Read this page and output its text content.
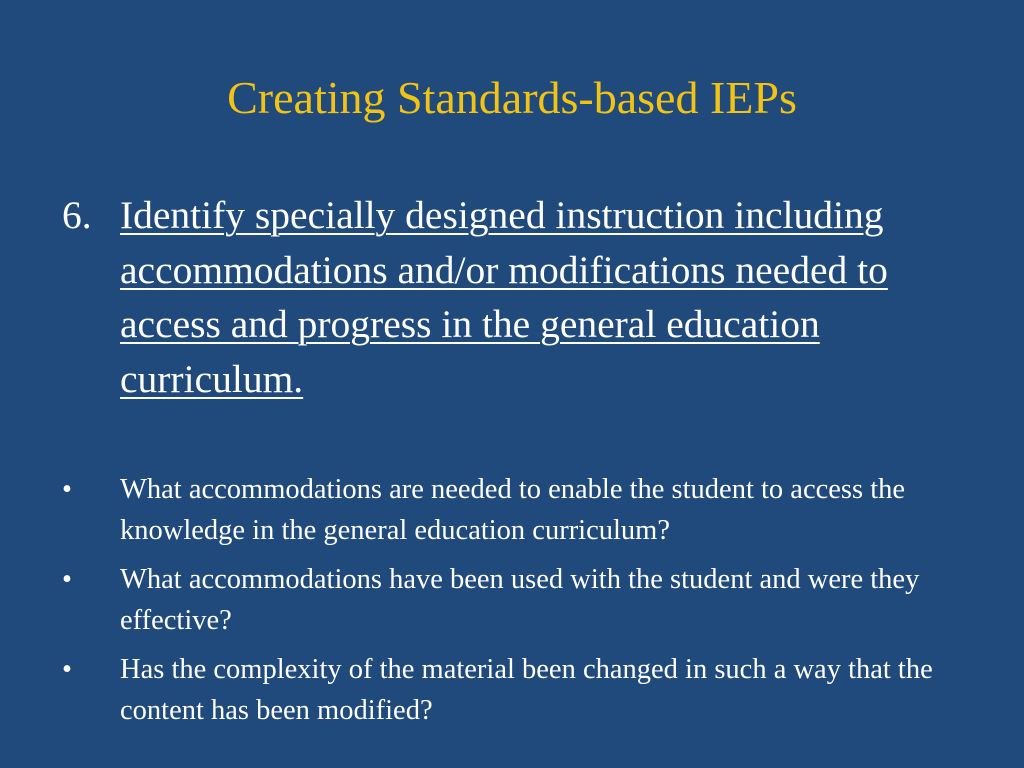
Creating Standards-based IEPs
6. Identify specially designed instruction including accommodations and/or modifications needed to access and progress in the general education curriculum.
•	What accommodations are needed to enable the student to access the knowledge in the general education curriculum?
•	What accommodations have been used with the student and were they effective?
•	Has the complexity of the material been changed in such a way that the content has been modified?
